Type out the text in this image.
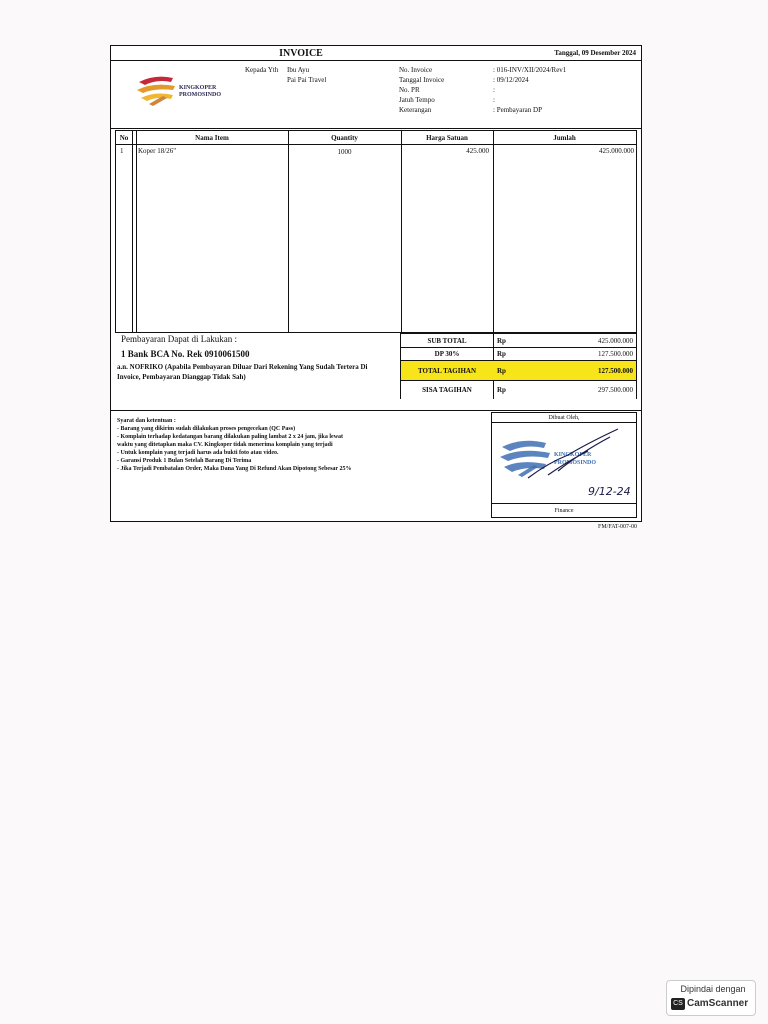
INVOICE	Tanggal, 09 Desember 2024
KINGKOPER
PROMOSINDO
Kepada Yth Ibu Ayu
Pai Pai Travel
No. Invoice	: 016-INV/XII/2024/Rev1
Tanggal Invoice	: 09/12/2024
No. PR	:
Jatuh Tempo	:
Keterangan	: Pembayaran DP
No	Nama Item	Quantity	Harga Satuan	Jumlah
1 Koper 18/26"	1000	425.000	425.000.000
Pembayaran Dapat di Lakukan :
1 Bank BCA No. Rek 0910061500
a.n. NOFRIKO (Apabila Pembayaran Diluar Dari Rekening Yang Sudah Tertera Di Invoice, Pembayaran Dianggap Tidak Sah)
SUB TOTAL	Rp	425.000.000
DP 30%	Rp	127.500.000
TOTAL TAGIHAN	Rp	127.500.000
SISA TAGIHAN	Rp	297.500.000
Syarat dan ketentuan :
- Barang yang dikirim sudah dilakukan proses pengecekan (QC Pass)
- Komplain terhadap kedatangan barang dilakukan paling lambat 2 x 24 jam, jika lewat
waktu yang ditetapkan maka CV. Kingkoper tidak menerima komplain yang terjadi
- Untuk komplain yang terjadi harus ada bukti foto atau video.
- Garansi Produk 1 Bulan Setelah Barang Di Terima
- Jika Terjadi Pembatalan Order, Maka Dana Yang Di Refund Akan Dipotong Sebesar 25%
Dibuat Oleh,
KINGKOPER
PROMOSINDO
9/12-24
Finance
FM/FAT-007-00
Dipindai dengan
CS CamScanner
